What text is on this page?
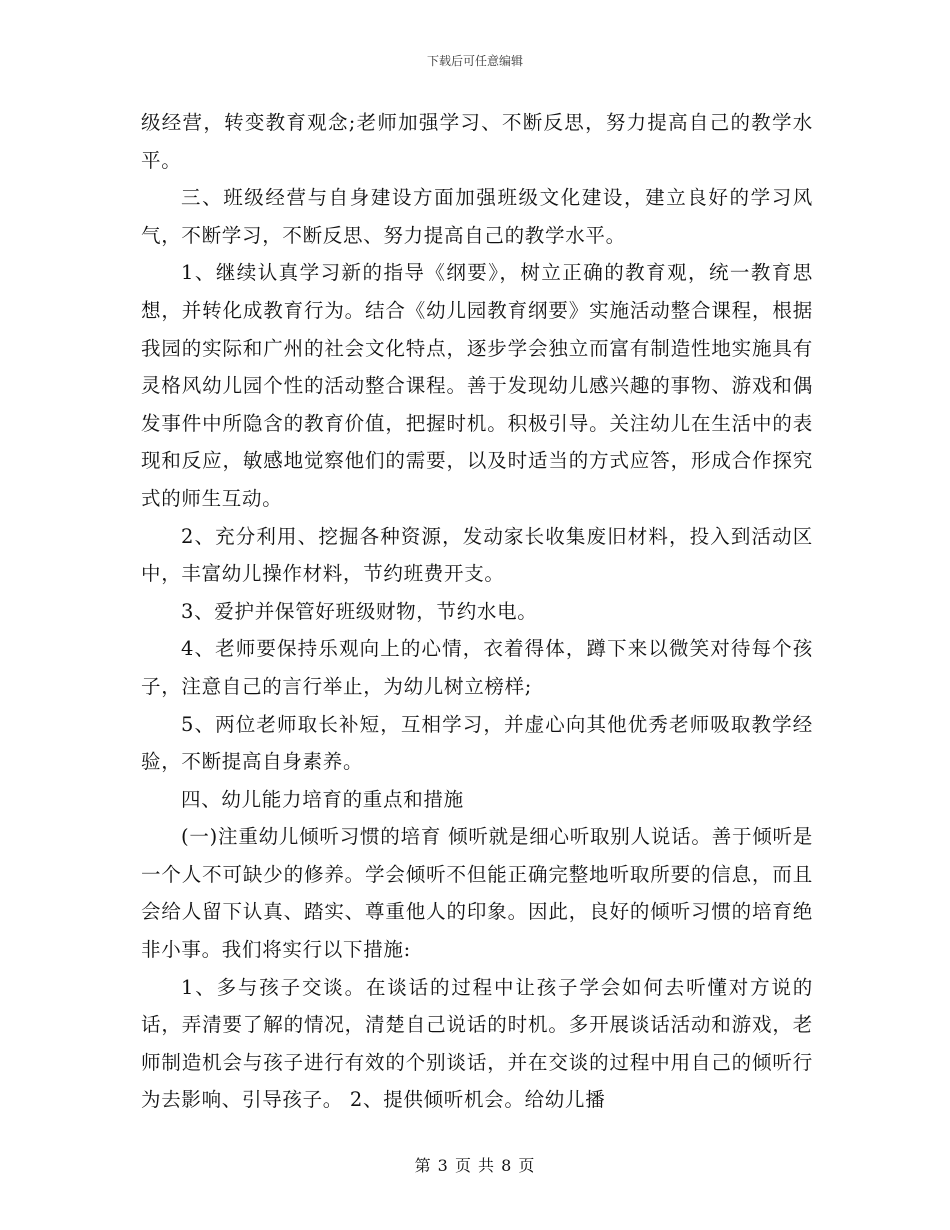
下载后可任意编辑

级经营，转变教育观念;老师加强学习、不断反思，努力提高自己的教学水平。

三、班级经营与自身建设方面加强班级文化建设，建立良好的学习风气，不断学习，不断反思、努力提高自己的教学水平。

1、继续认真学习新的指导《纲要》，树立正确的教育观，统一教育思想，并转化成教育行为。结合《幼儿园教育纲要》实施活动整合课程，根据我园的实际和广州的社会文化特点，逐步学会独立而富有制造性地实施具有灵格风幼儿园个性的活动整合课程。善于发现幼儿感兴趣的事物、游戏和偶发事件中所隐含的教育价值，把握时机。积极引导。关注幼儿在生活中的表现和反应，敏感地觉察他们的需要，以及时适当的方式应答，形成合作探究式的师生互动。

2、充分利用、挖掘各种资源，发动家长收集废旧材料，投入到活动区中，丰富幼儿操作材料，节约班费开支。

3、爱护并保管好班级财物，节约水电。

4、老师要保持乐观向上的心情，衣着得体，蹲下来以微笑对待每个孩子，注意自己的言行举止，为幼儿树立榜样;

5、两位老师取长补短，互相学习，并虚心向其他优秀老师吸取教学经验，不断提高自身素养。

四、幼儿能力培育的重点和措施

(一)注重幼儿倾听习惯的培育 倾听就是细心听取别人说话。善于倾听是一个人不可缺少的修养。学会倾听不但能正确完整地听取所要的信息，而且会给人留下认真、踏实、尊重他人的印象。因此，良好的倾听习惯的培育绝非小事。我们将实行以下措施:

1、多与孩子交谈。在谈话的过程中让孩子学会如何去听懂对方说的话，弄清要了解的情况，清楚自己说话的时机。多开展谈话活动和游戏，老师制造机会与孩子进行有效的个别谈话，并在交谈的过程中用自己的倾听行为去影响、引导孩子。 2、提供倾听机会。给幼儿播

第 3 页 共 8 页
